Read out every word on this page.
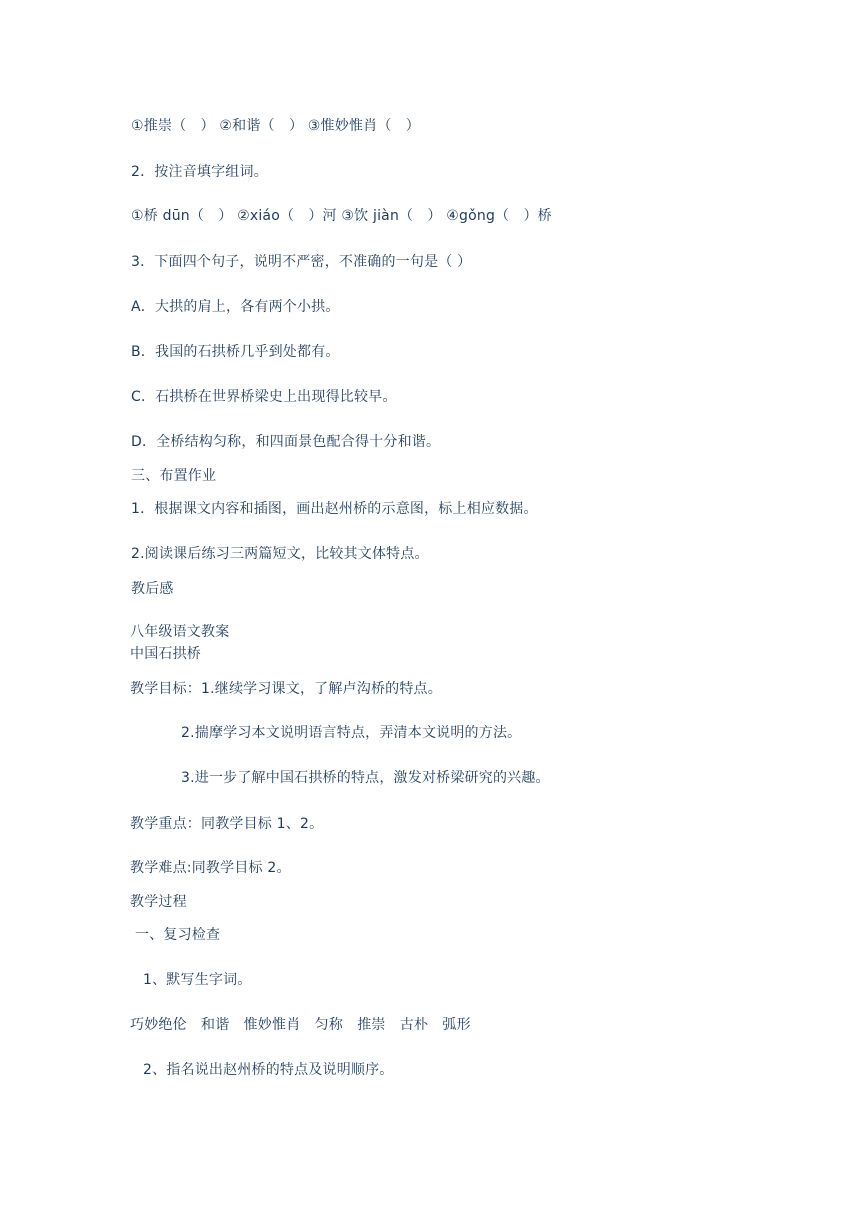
①推崇（　） ②和谐（　） ③惟妙惟肖（　）
2．按注音填字组词。
①桥 dūn（　） ②xiáo（　）河 ③饮 jiàn（　） ④gǒng（　）桥
3．下面四个句子，说明不严密，不准确的一句是（ ）
A．大拱的肩上，各有两个小拱。
B．我国的石拱桥几乎到处都有。
C．石拱桥在世界桥梁史上出现得比较早。
D．全桥结构匀称，和四面景色配合得十分和谐。
三、布置作业
1．根据课文内容和插图，画出赵州桥的示意图，标上相应数据。
2.阅读课后练习三两篇短文，比较其文体特点。
教后感
八年级语文教案
中国石拱桥
教学目标：1.继续学习课文，了解卢沟桥的特点。
2.揣摩学习本文说明语言特点，弄清本文说明的方法。
3.进一步了解中国石拱桥的特点，激发对桥梁研究的兴趣。
教学重点：同教学目标 1、2。
教学难点:同教学目标 2。
教学过程
一、复习检查
1、默写生字词。
巧妙绝伦　和谐　惟妙惟肖　匀称　推崇　古朴　弧形
2、指名说出赵州桥的特点及说明顺序。
